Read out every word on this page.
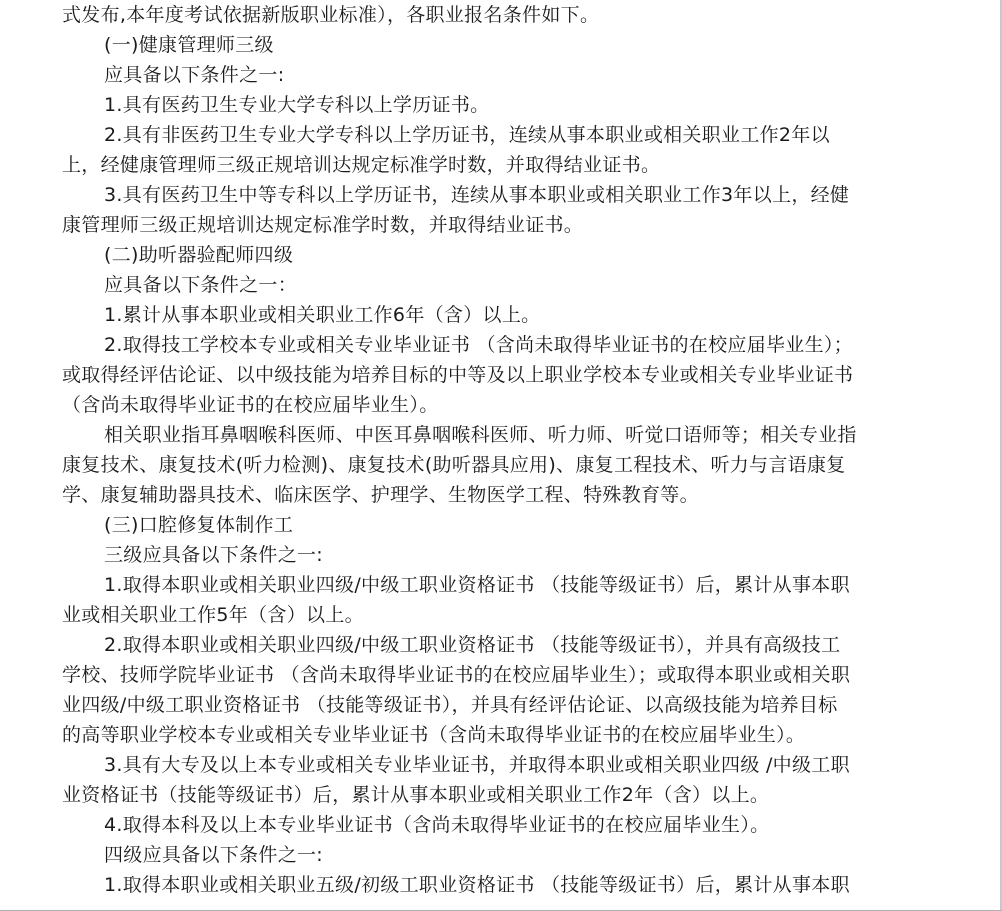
式发布,本年度考试依据新版职业标准），各职业报名条件如下。
(一)健康管理师三级
应具备以下条件之一:
1.具有医药卫生专业大学专科以上学历证书。
2.具有非医药卫生专业大学专科以上学历证书，连续从事本职业或相关职业工作2年以
上，经健康管理师三级正规培训达规定标准学时数，并取得结业证书。
3.具有医药卫生中等专科以上学历证书，连续从事本职业或相关职业工作3年以上，经健
康管理师三级正规培训达规定标准学时数，并取得结业证书。
(二)助听器验配师四级
应具备以下条件之一：
1.累计从事本职业或相关职业工作6年（含）以上。
2.取得技工学校本专业或相关专业毕业证书 （含尚未取得毕业证书的在校应届毕业生）；
或取得经评估论证、以中级技能为培养目标的中等及以上职业学校本专业或相关专业毕业证书
（含尚未取得毕业证书的在校应届毕业生）。
相关职业指耳鼻咽喉科医师、中医耳鼻咽喉科医师、听力师、听觉口语师等；相关专业指
康复技术、康复技术(听力检测)、康复技术(助听器具应用)、康复工程技术、听力与言语康复
学、康复辅助器具技术、临床医学、护理学、生物医学工程、特殊教育等。
(三)口腔修复体制作工
三级应具备以下条件之一:
1.取得本职业或相关职业四级/中级工职业资格证书 （技能等级证书）后，累计从事本职
业或相关职业工作5年（含）以上。
2.取得本职业或相关职业四级/中级工职业资格证书 （技能等级证书），并具有高级技工
学校、技师学院毕业证书 （含尚未取得毕业证书的在校应届毕业生）；或取得本职业或相关职
业四级/中级工职业资格证书 （技能等级证书），并具有经评估论证、以高级技能为培养目标
的高等职业学校本专业或相关专业毕业证书（含尚未取得毕业证书的在校应届毕业生）。
3.具有大专及以上本专业或相关专业毕业证书，并取得本职业或相关职业四级 /中级工职
业资格证书（技能等级证书）后，累计从事本职业或相关职业工作2年（含）以上。
4.取得本科及以上本专业毕业证书（含尚未取得毕业证书的在校应届毕业生）。
四级应具备以下条件之一:
1.取得本职业或相关职业五级/初级工职业资格证书 （技能等级证书）后，累计从事本职
